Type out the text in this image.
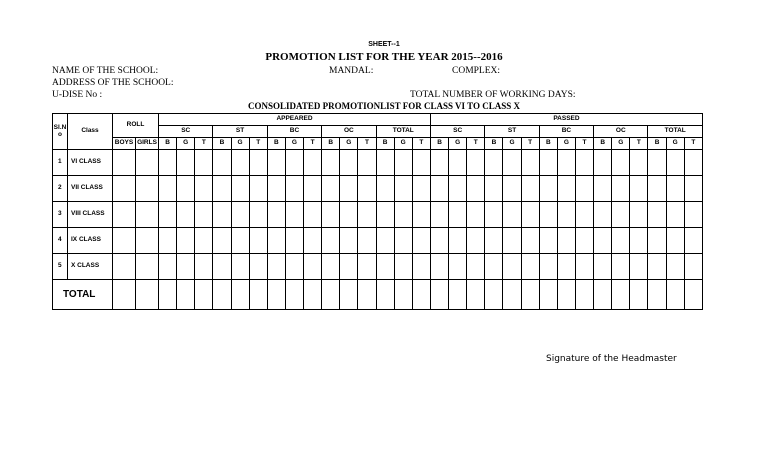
SHEET--1
PROMOTION LIST FOR THE YEAR 2015--2016
NAME OF THE SCHOOL:	MANDAL:	COMPLEX:
ADDRESS OF THE SCHOOL:
U-DISE No :	TOTAL NUMBER OF WORKING DAYS:
CONSOLIDATED PROMOTIONLIST FOR CLASS VI TO CLASS X
Sl.N o	Class	ROLL		APPEARED															PASSED														
				SC			ST			BC			OC			TOTAL			SC			ST			BC			OC			TOTAL		
		BOYS	GIRLS	B	G	T	B	G	T	B	G	T	B	G	T	B	G	T	B	G	T	B	G	T	B	G	T	B	G	T	B	G	T
1	VI CLASS																																
2	VII CLASS																																
3	VIII CLASS																																
4	IX CLASS																																
5	X CLASS																																
TOTAL																																	
Signature of the Headmaster
